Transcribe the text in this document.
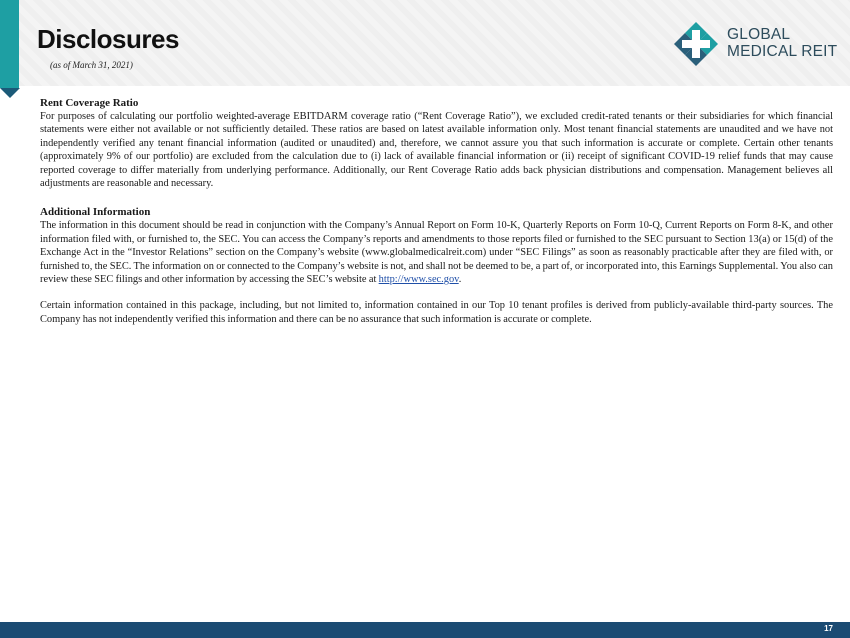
Disclosures
(as of March 31, 2021)
GLOBAL
MEDICAL REIT
Rent Coverage Ratio

For purposes of calculating our portfolio weighted-average EBITDARM coverage ratio (“Rent Coverage Ratio”), we excluded credit-rated tenants or their subsidiaries for which financial statements were either not available or not sufficiently detailed. These ratios are based on latest available information only. Most tenant financial statements are unaudited and we have not independently verified any tenant financial information (audited or unaudited) and, therefore, we cannot assure you that such information is accurate or complete. Certain other tenants (approximately 9% of our portfolio) are excluded from the calculation due to (i) lack of available financial information or (ii) receipt of significant COVID-19 relief funds that may cause reported coverage to differ materially from underlying performance. Additionally, our Rent Coverage Ratio adds back physician distributions and compensation. Management believes all adjustments are reasonable and necessary.

Additional Information

The information in this document should be read in conjunction with the Company’s Annual Report on Form 10-K, Quarterly Reports on Form 10-Q, Current Reports on Form 8-K, and other information filed with, or furnished to, the SEC. You can access the Company’s reports and amendments to those reports filed or furnished to the SEC pursuant to Section 13(a) or 15(d) of the Exchange Act in the “Investor Relations” section on the Company’s website (www.globalmedicalreit.com) under “SEC Filings” as soon as reasonably practicable after they are filed with, or furnished to, the SEC. The information on or connected to the Company’s website is not, and shall not be deemed to be, a part of, or incorporated into, this Earnings Supplemental. You also can review these SEC filings and other information by accessing the SEC’s website at http://www.sec.gov.

Certain information contained in this package, including, but not limited to, information contained in our Top 10 tenant profiles is derived from publicly-available third-party sources. The Company has not independently verified this information and there can be no assurance that such information is accurate or complete.

17
